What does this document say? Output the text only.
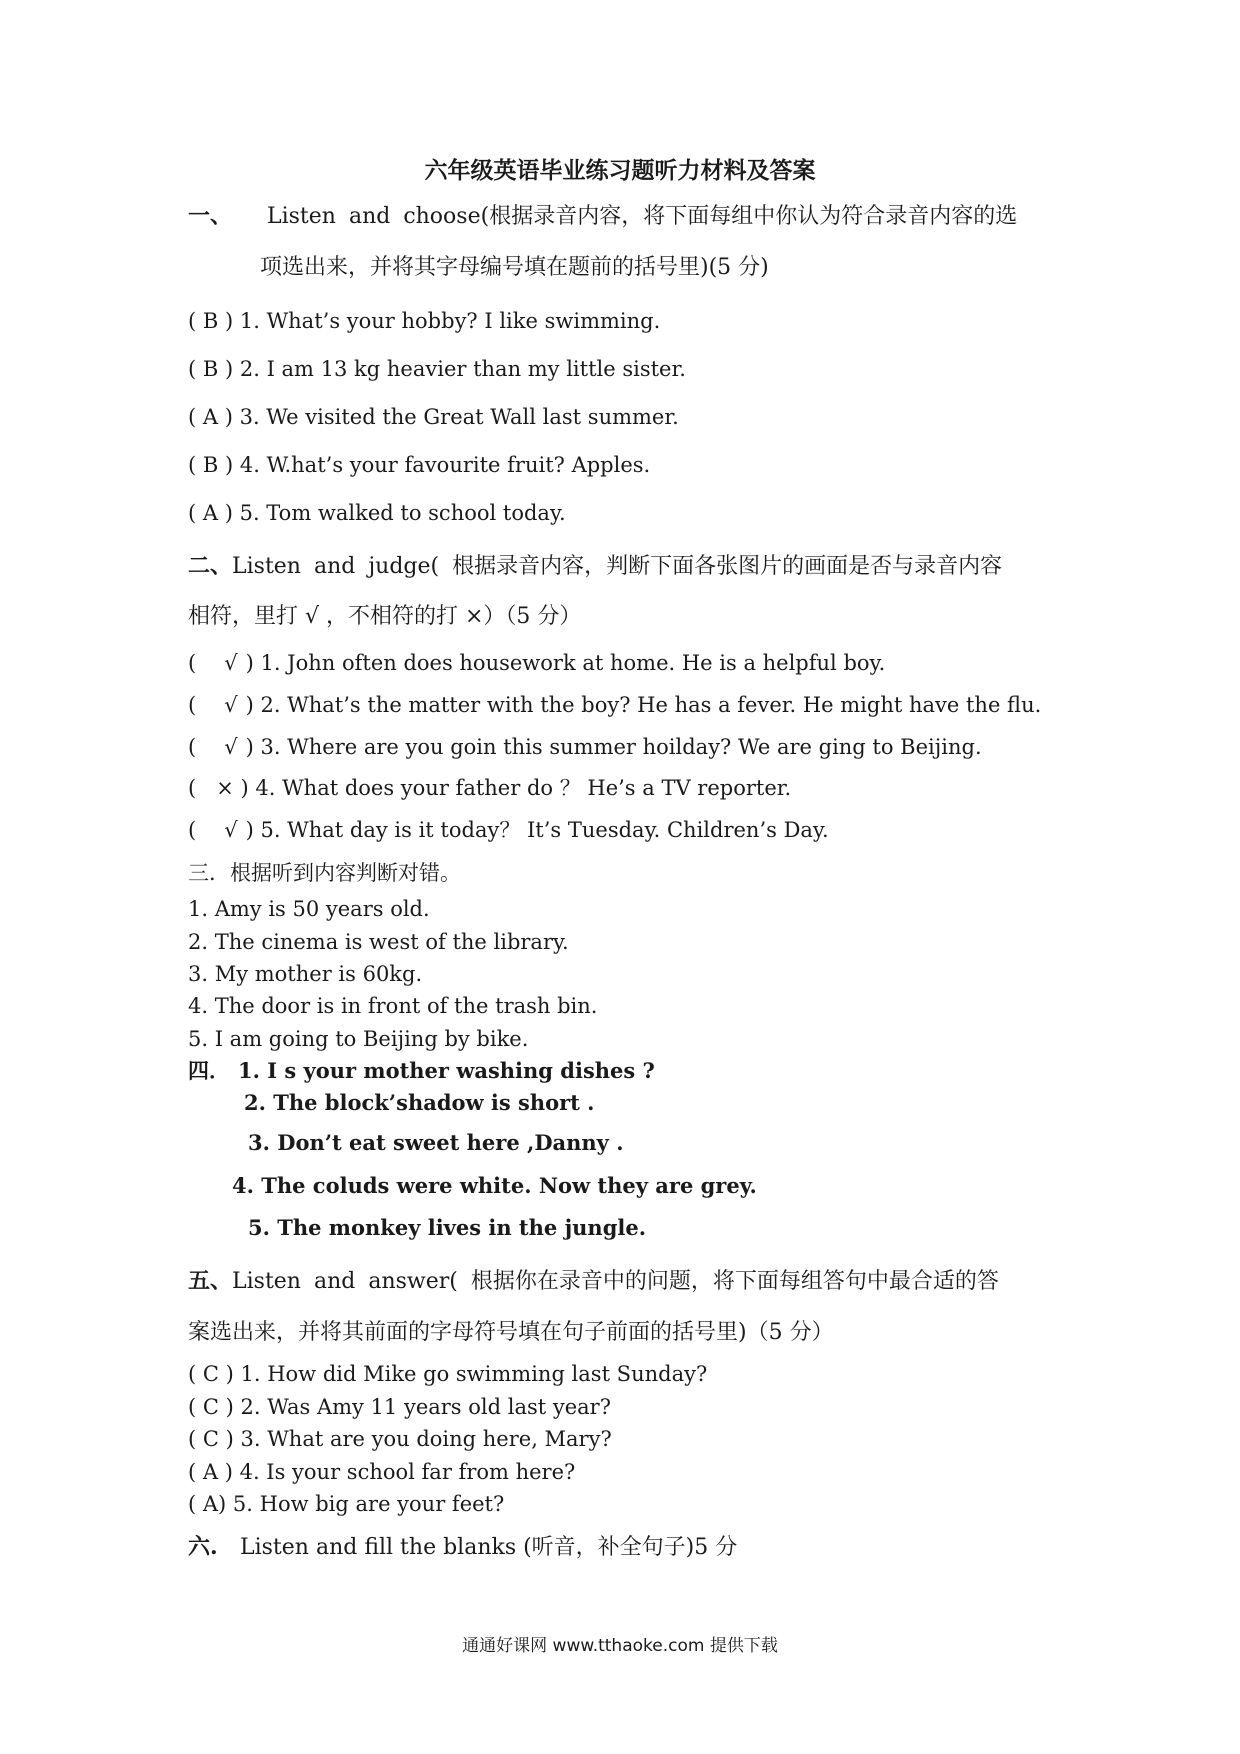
六年级英语毕业练习题听力材料及答案
一、 Listen and choose(根据录音内容，将下面每组中你认为符合录音内容的选
项选出来，并将其字母编号填在题前的括号里)(5 分)
( B ) 1. What’s your hobby? I like swimming.
( B ) 2. I am 13 kg heavier than my little sister.
( A ) 3. We visited the Great Wall last summer.
( B ) 4. W.hat’s your favourite fruit? Apples.
( A ) 5. Tom walked to school today.
二、Listen and judge( 根据录音内容，判断下面各张图片的画面是否与录音内容
相符，里打 √ ，不相符的打 ×）（5 分）
(    √ ) 1. John often does housework at home. He is a helpful boy.
(    √ ) 2. What’s the matter with the boy? He has a fever. He might have the flu.
(    √ ) 3. Where are you goin this summer hoilday? We are ging to Beijing.
(   × ) 4. What does your father do ？ He’s a TV reporter.
(    √ ) 5. What day is it today？ It’s Tuesday. Children’s Day.
三．根据听到内容判断对错。
1. Amy is 50 years old.
2. The cinema is west of the library.
3. My mother is 60kg.
4. The door is in front of the trash bin.
5. I am going to Beijing by bike.
四． 1. I s your mother washing dishes ?
2. The block’shadow is short .
3. Don’t eat sweet here ,Danny .
4. The coluds were white. Now they are grey.
5. The monkey lives in the jungle.
五、Listen and answer( 根据你在录音中的问题，将下面每组答句中最合适的答
案选出来，并将其前面的字母符号填在句子前面的括号里)（5 分）
( C ) 1. How did Mike go swimming last Sunday?
( C ) 2. Was Amy 11 years old last year?
( C ) 3. What are you doing here, Mary?
( A ) 4. Is your school far from here?
( A) 5. How big are your feet?
六. Listen and fill the blanks (听音，补全句子)5 分
通通好课网 www.tthaoke.com 提供下载
